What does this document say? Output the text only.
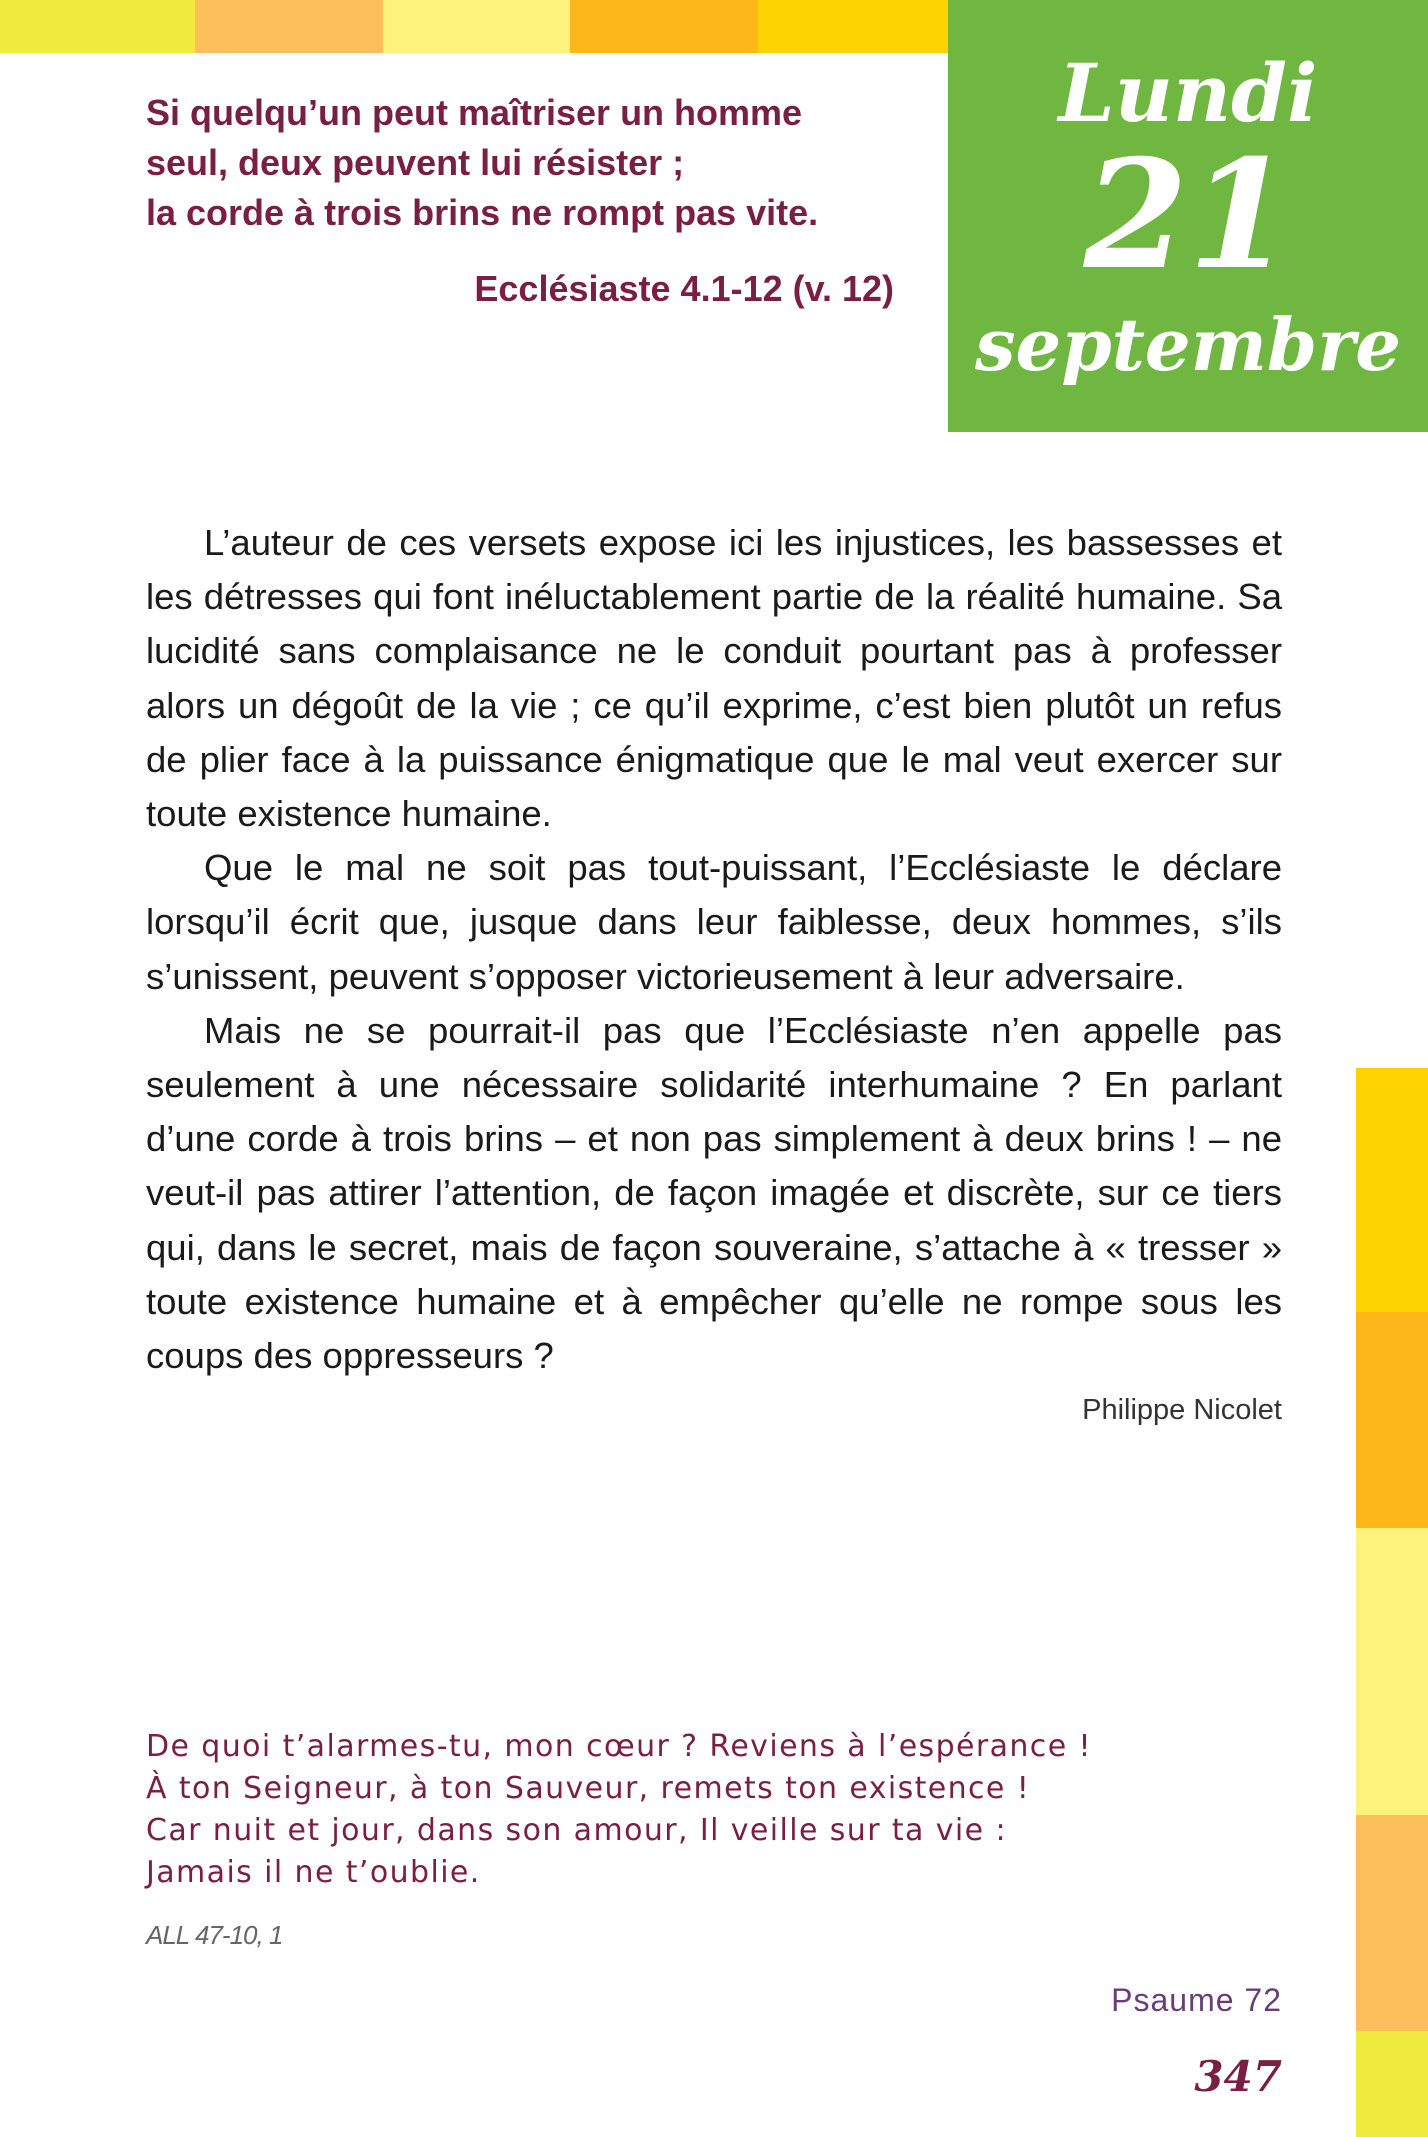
Lundi
21
septembre
Si quelqu’un peut maîtriser un homme
seul, deux peuvent lui résister ;
la corde à trois brins ne rompt pas vite.
Ecclésiaste 4.1-12 (v. 12)

L’auteur de ces versets expose ici les injustices, les bassesses et les détresses qui font inéluctablement partie de la réalité humaine. Sa lucidité sans complaisance ne le conduit pourtant pas à professer alors un dégoût de la vie ; ce qu’il exprime, c’est bien plutôt un refus de plier face à la puissance énigmatique que le mal veut exercer sur toute existence humaine.

Que le mal ne soit pas tout-puissant, l’Ecclésiaste le déclare lorsqu’il écrit que, jusque dans leur faiblesse, deux hommes, s’ils s’unissent, peuvent s’opposer victorieusement à leur adversaire.

Mais ne se pourrait-il pas que l’Ecclésiaste n’en appelle pas seulement à une nécessaire solidarité interhumaine ? En parlant d’une corde à trois brins – et non pas simplement à deux brins ! – ne veut-il pas attirer l’attention, de façon imagée et discrète, sur ce tiers qui, dans le secret, mais de façon souveraine, s’attache à « tresser » toute existence humaine et à empêcher qu’elle ne rompe sous les coups des oppresseurs ?

Philippe Nicolet
De quoi t’alarmes-tu, mon cœur ? Reviens à l’espérance !
À ton Seigneur, à ton Sauveur, remets ton existence !
Car nuit et jour, dans son amour, Il veille sur ta vie :
Jamais il ne t’oublie.
ALL 47-10, 1
Psaume 72
347
